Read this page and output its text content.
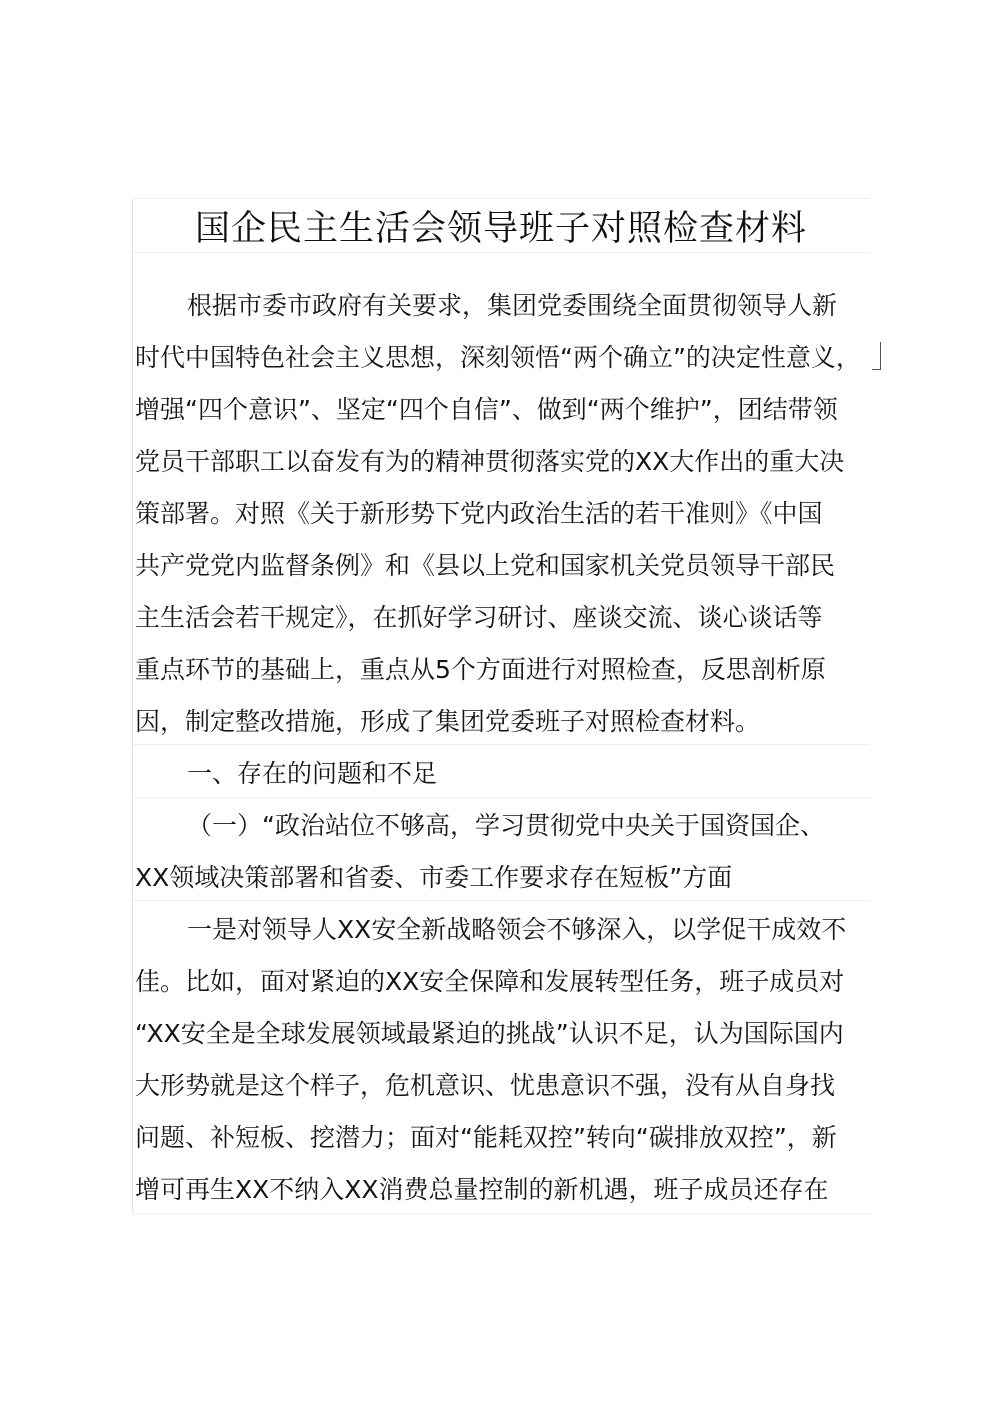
国企民主生活会领导班子对照检查材料
根据市委市政府有关要求，集团党委围绕全面贯彻领导人新
时代中国特色社会主义思想，深刻领悟“两个确立”的决定性意义，
增强“四个意识”、坚定“四个自信”、做到“两个维护”，团结带领
党员干部职工以奋发有为的精神贯彻落实党的XX大作出的重大决
策部署。对照《关于新形势下党内政治生活的若干准则》《中国
共产党党内监督条例》和《县以上党和国家机关党员领导干部民
主生活会若干规定》，在抓好学习研讨、座谈交流、谈心谈话等
重点环节的基础上，重点从5个方面进行对照检查，反思剖析原
因，制定整改措施，形成了集团党委班子对照检查材料。
一、存在的问题和不足
（一）“政治站位不够高，学习贯彻党中央关于国资国企、
XX领域决策部署和省委、市委工作要求存在短板”方面
一是对领导人XX安全新战略领会不够深入，以学促干成效不
佳。比如，面对紧迫的XX安全保障和发展转型任务，班子成员对
“XX安全是全球发展领域最紧迫的挑战”认识不足，认为国际国内
大形势就是这个样子，危机意识、忧患意识不强，没有从自身找
问题、补短板、挖潜力；面对“能耗双控”转向“碳排放双控”，新
增可再生XX不纳入XX消费总量控制的新机遇，班子成员还存在
